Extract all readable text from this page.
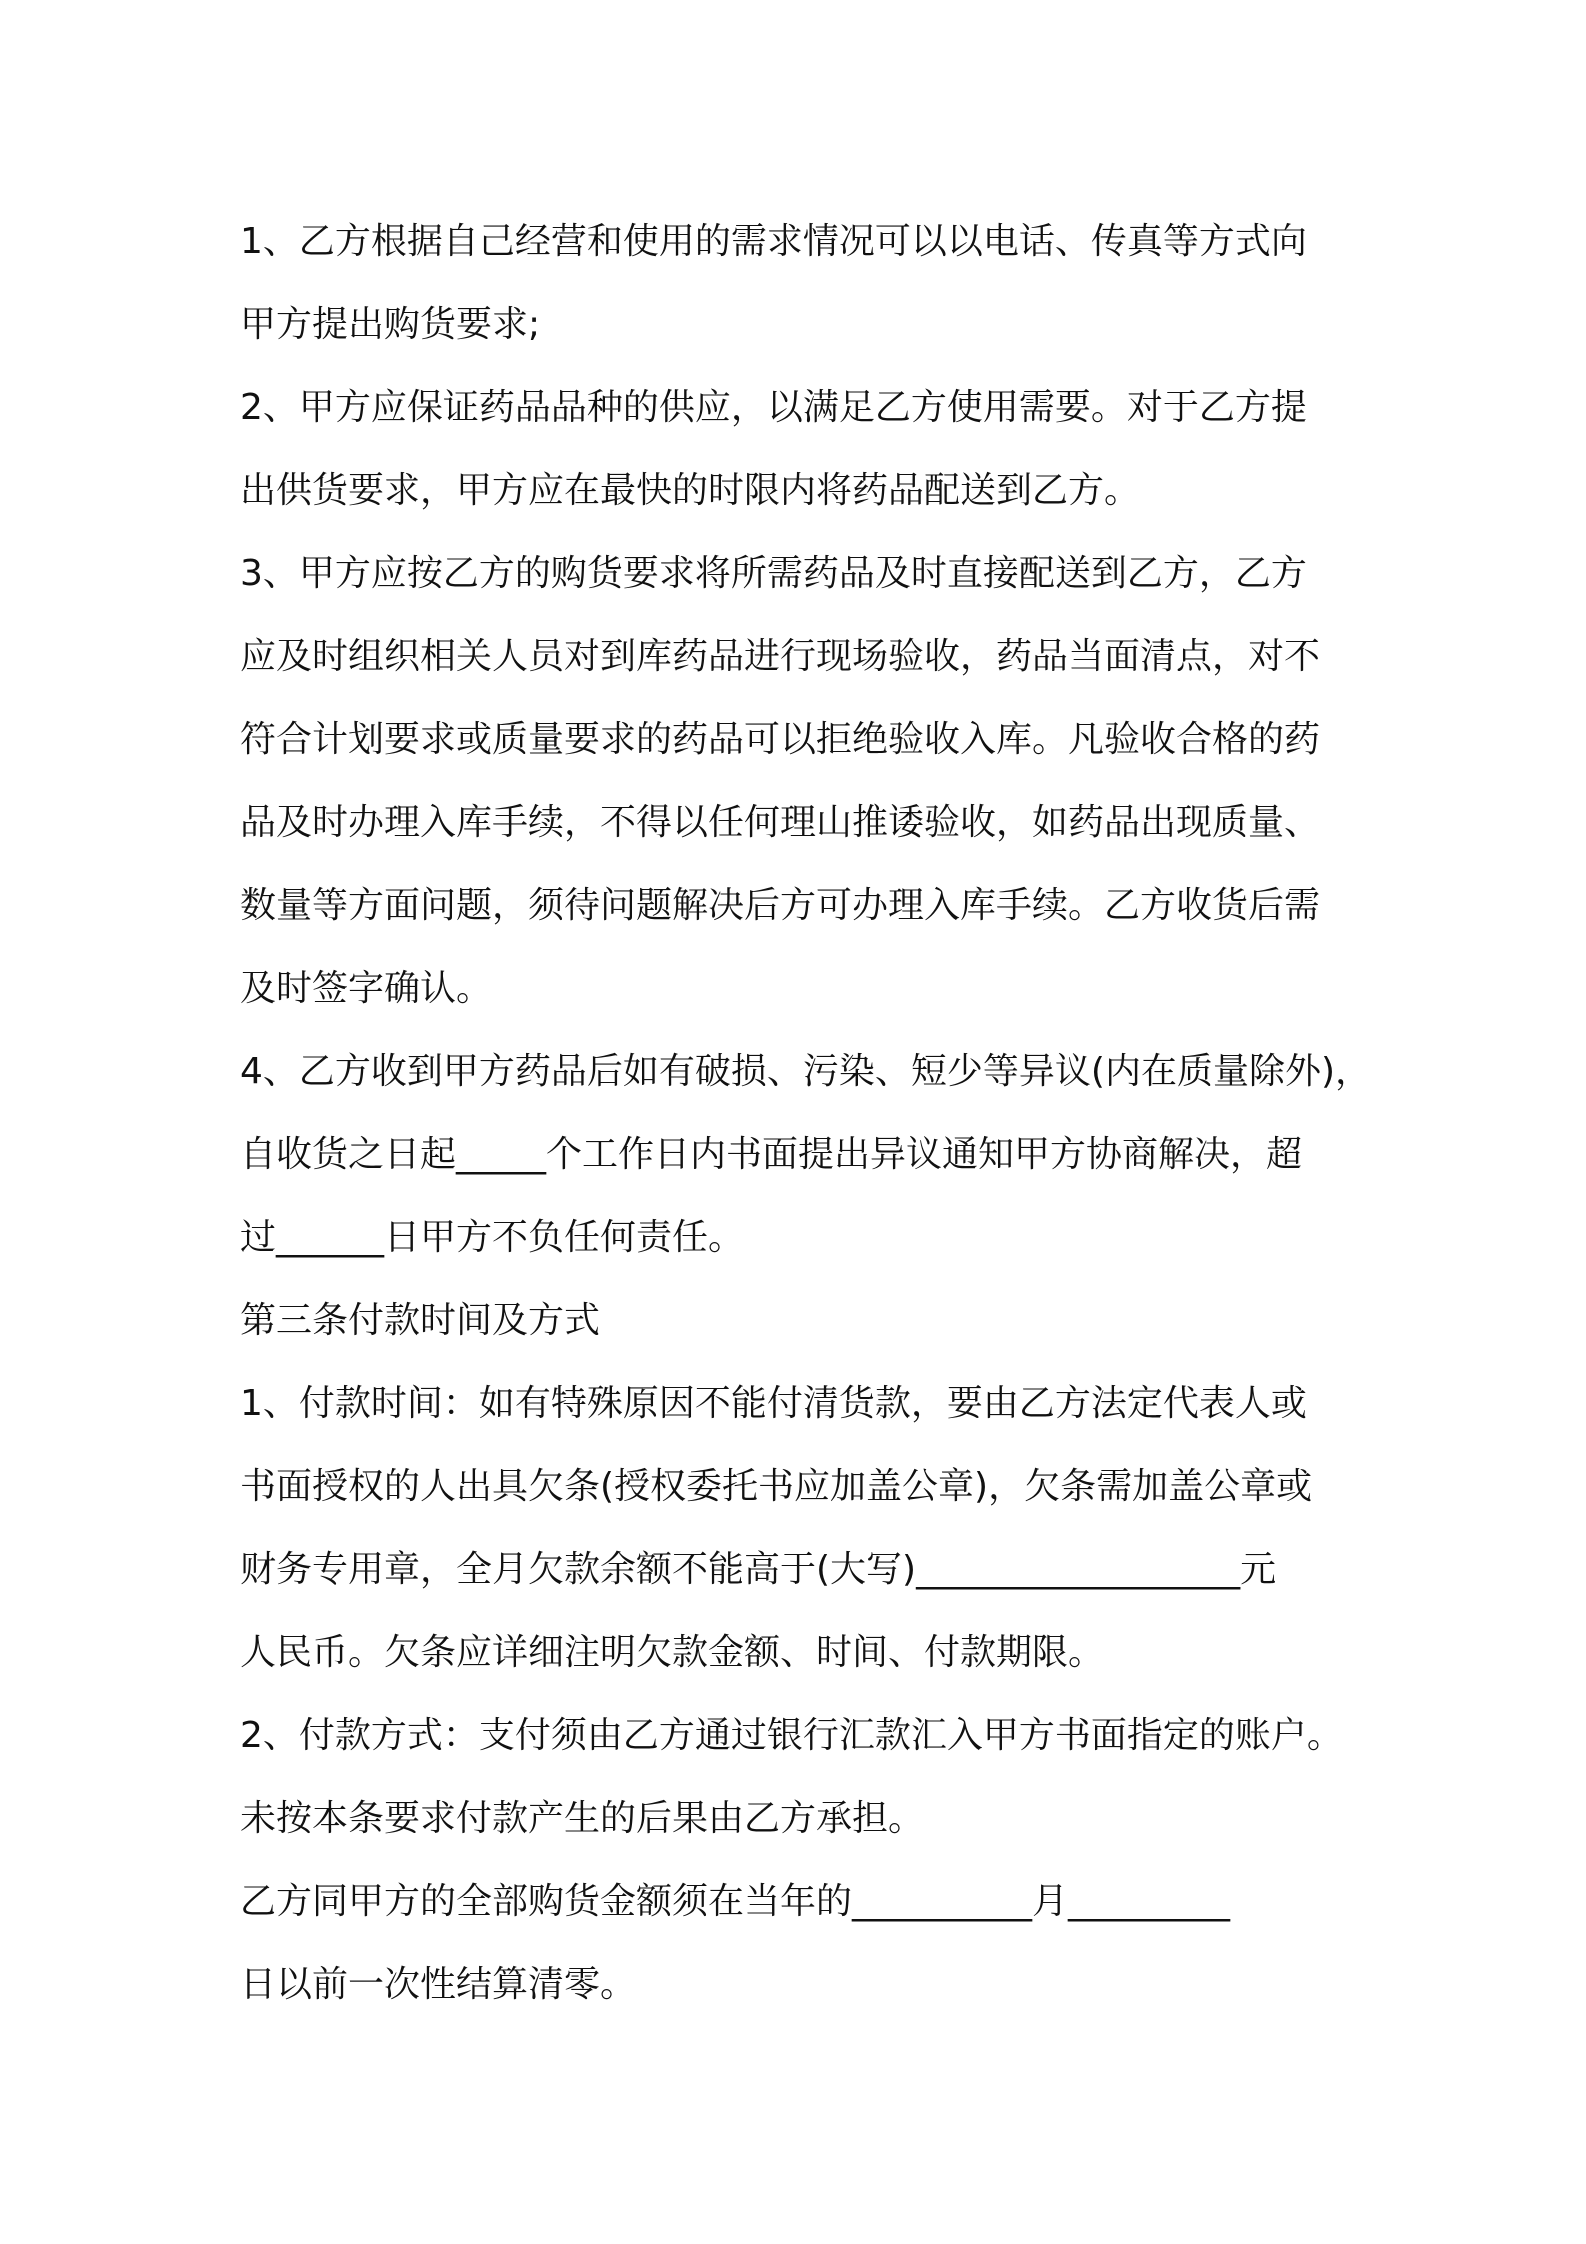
1、乙方根据自己经营和使用的需求情况可以以电话、传真等方式向
甲方提出购货要求;

2、甲方应保证药品品种的供应，以满足乙方使用需要。对于乙方提
出供货要求，甲方应在最快的时限内将药品配送到乙方。

3、甲方应按乙方的购货要求将所需药品及时直接配送到乙方，乙方
应及时组织相关人员对到库药品进行现场验收，药品当面清点，对不
符合计划要求或质量要求的药品可以拒绝验收入库。凡验收合格的药
品及时办理入库手续，不得以任何理山推诿验收，如药品出现质量、
数量等方面问题，须待问题解决后方可办理入库手续。乙方收货后需
及时签字确认。

4、乙方收到甲方药品后如有破损、污染、短少等异议(内在质量除外)，
自收货之日起_____个工作日内书面提出异议通知甲方协商解决，超
过______日甲方不负任何责任。

第三条付款时间及方式

1、付款时间：如有特殊原因不能付清货款，要由乙方法定代表人或
书面授权的人出具欠条(授权委托书应加盖公章)，欠条需加盖公章或
财务专用章，全月欠款余额不能高于(大写)__________________元
人民币。欠条应详细注明欠款金额、时间、付款期限。

2、付款方式：支付须由乙方通过银行汇款汇入甲方书面指定的账户。
未按本条要求付款产生的后果由乙方承担。

乙方同甲方的全部购货金额须在当年的__________月_________
日以前一次性结算清零。
